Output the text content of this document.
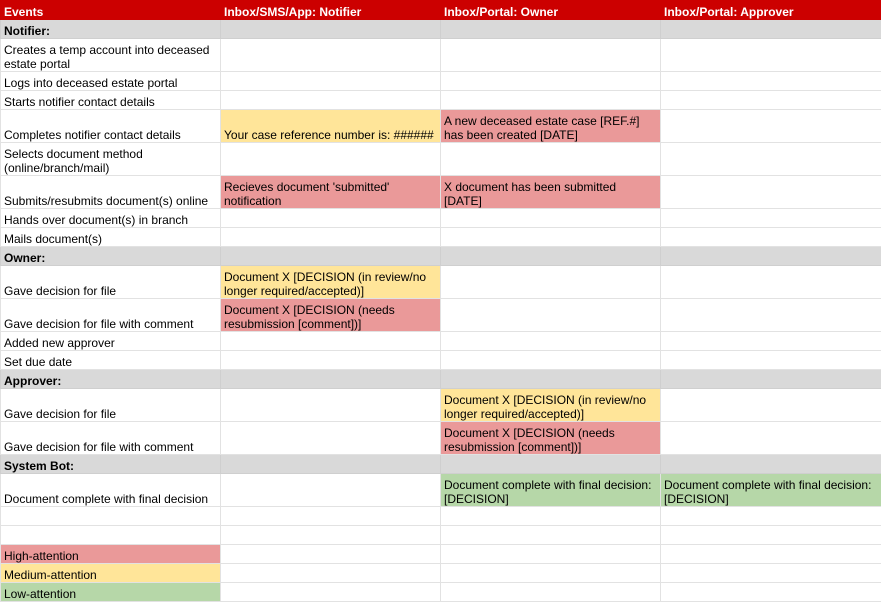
Events	Inbox/SMS/App: Notifier	Inbox/Portal: Owner	Inbox/Portal: Approver
Notifier:			
Creates a temp account into deceased estate portal			
Logs into deceased estate portal			
Starts notifier contact details			
Completes notifier contact details	Your case reference number is: ######	A new deceased estate case [REF.#] has been created [DATE]	
Selects document method (online/branch/mail)			
Submits/resubmits document(s) online	Recieves document 'submitted' notification	X document has been submitted [DATE]	
Hands over document(s) in branch			
Mails document(s)			
Owner:			
Gave decision for file	Document X [DECISION (in review/no longer required/accepted)]		
Gave decision for file with comment	Document X [DECISION (needs resubmission [comment])]		
Added new approver			
Set due date			
Approver:			
Gave decision for file		Document X [DECISION (in review/no longer required/accepted)]	
Gave decision for file with comment		Document X [DECISION (needs resubmission [comment])]	
System Bot:			
Document complete with final decision		Document complete with final decision: [DECISION]	Document complete with final decision: [DECISION]

High-attention			
Medium-attention			
Low-attention			
